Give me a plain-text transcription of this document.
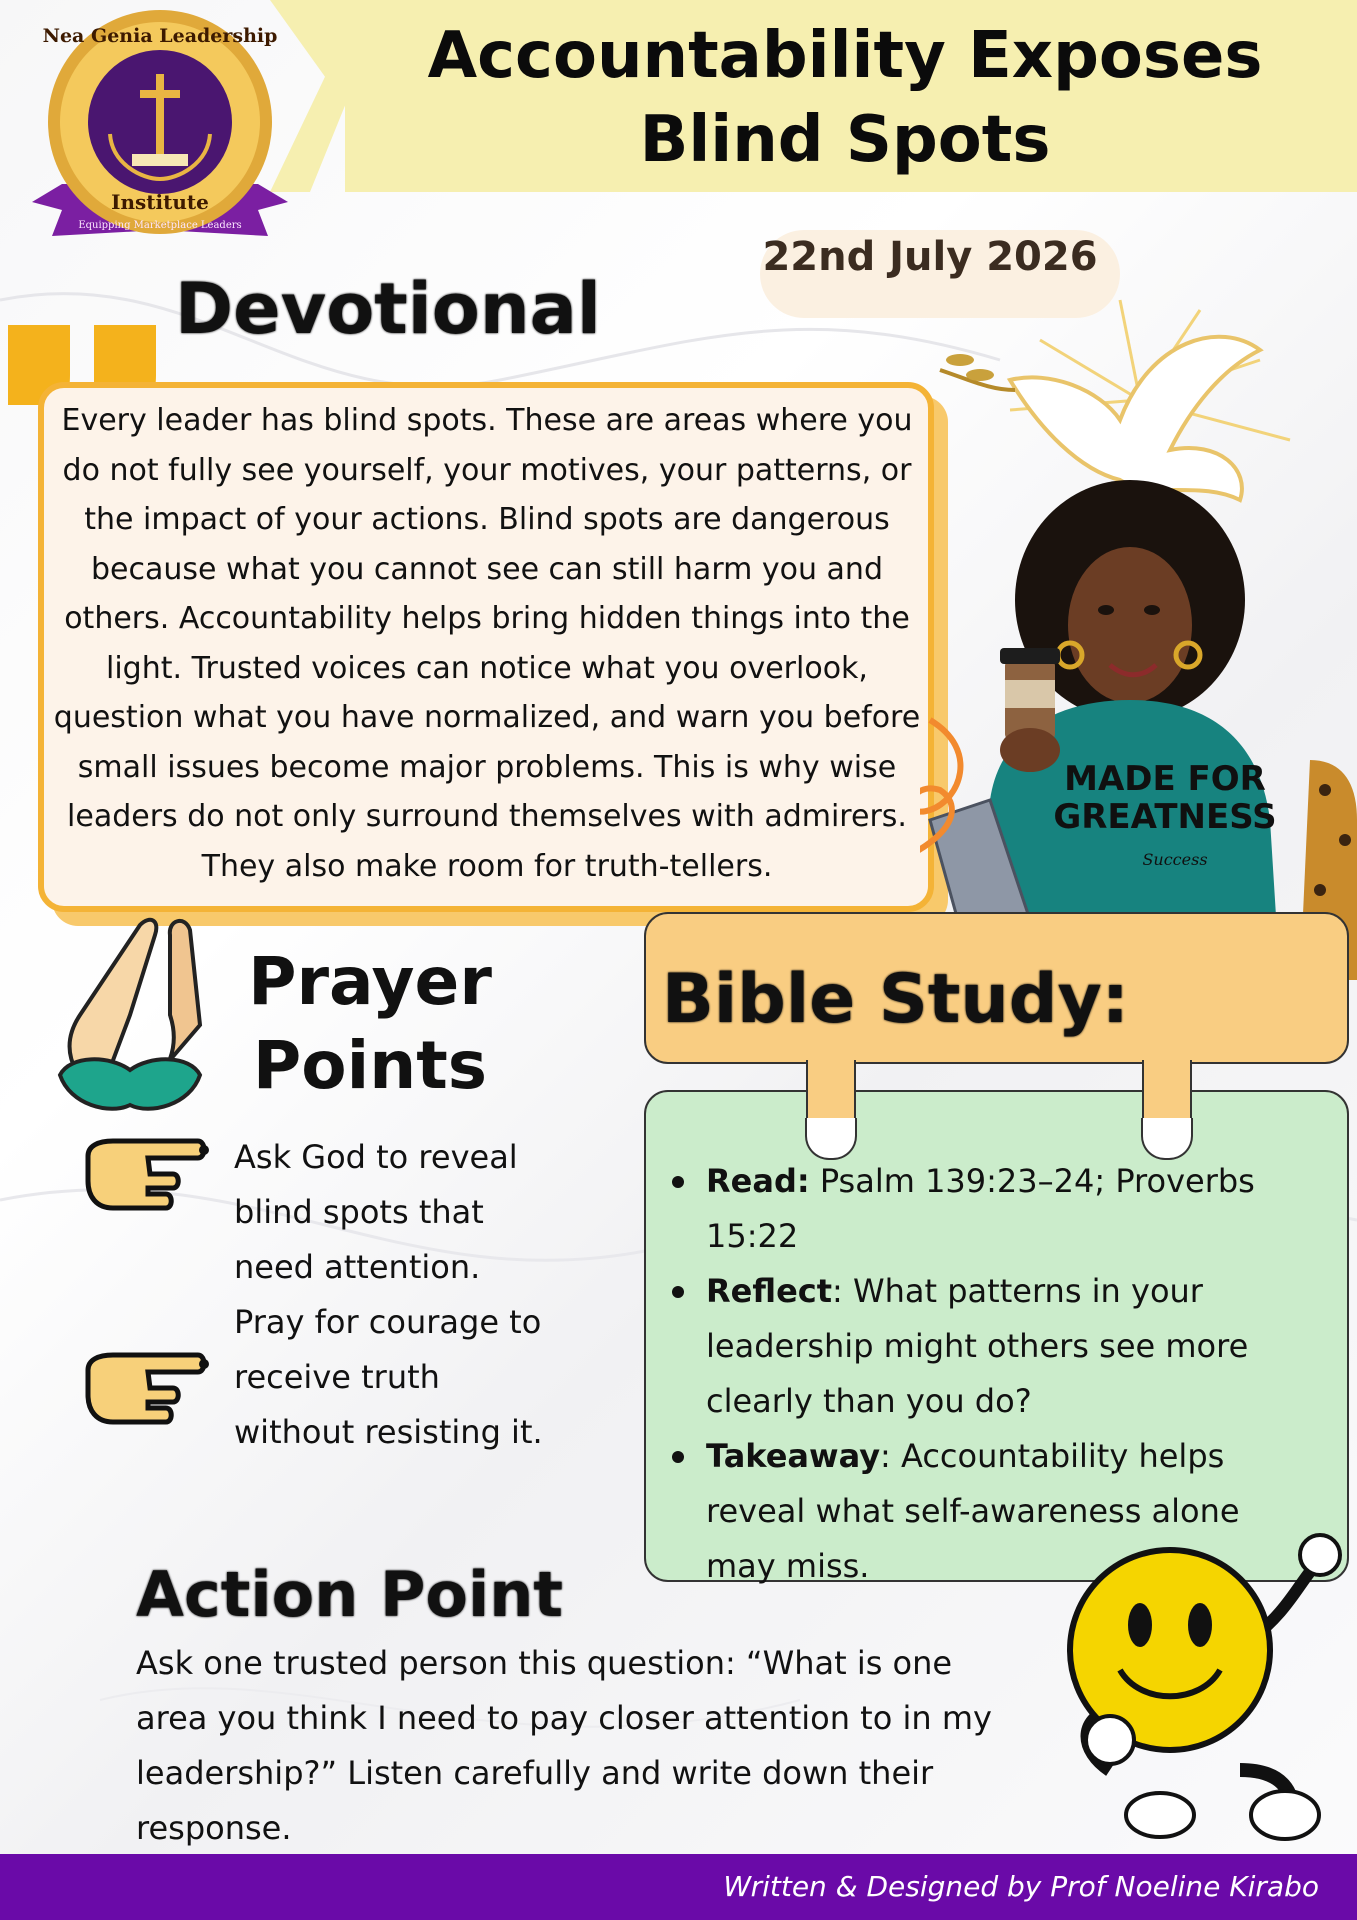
Accountability Exposes Blind Spots
Nea Genia Leadership
Institute
Equipping Marketplace Leaders
22nd July 2026
Devotional
Every leader has blind spots. These are areas where you do not fully see yourself, your motives, your patterns, or the impact of your actions. Blind spots are dangerous because what you cannot see can still harm you and others. Accountability helps bring hidden things into the light. Trusted voices can notice what you overlook, question what you have normalized, and warn you before small issues become major problems. This is why wise leaders do not only surround themselves with admirers. They also make room for truth-tellers.
MADE FOR
GREATNESS
Success
Prayer
Points
Ask God to reveal blind spots that need attention.
Pray for courage to receive truth without resisting it.
Bible Study:
Read: Psalm 139:23–24; Proverbs 15:22
Reflect: What patterns in your leadership might others see more clearly than you do?
Takeaway: Accountability helps reveal what self-awareness alone may miss.
Action Point
Ask one trusted person this question: “What is one area you think I need to pay closer attention to in my leadership?” Listen carefully and write down their response.
Written & Designed by Prof Noeline Kirabo
